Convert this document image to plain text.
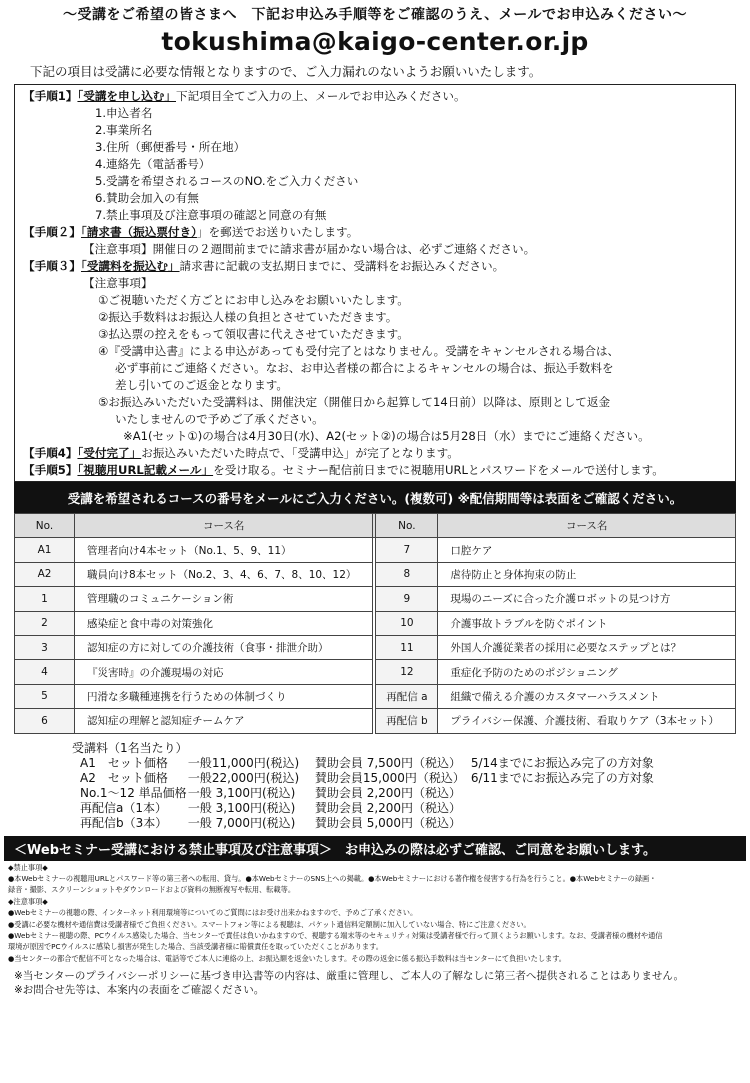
〜受講をご希望の皆さまへ　下記お申込み手順等をご確認のうえ、メールでお申込みください〜
tokushima@kaigo-center.or.jp
下記の項目は受講に必要な情報となりますので、ご入力漏れのないようお願いいたします。
【手順1】「受講を申し込む」下記項目全てご入力の上、メールでお申込みください。
1.申込者名
2.事業所名
3.住所（郵便番号・所在地）
4.連絡先（電話番号）
5.受講を希望されるコースのNO.をご入力ください
6.賛助会加入の有無
7.禁止事項及び注意事項の確認と同意の有無
【手順２】「請求書（振込票付き）」を郵送でお送りいたします。
【注意事項】開催日の２週間前までに請求書が届かない場合は、必ずご連絡ください。
【手順３】「受講料を振込む」請求書に記載の支払期日までに、受講料をお振込みください。
【注意事項】
①ご視聴いただく方ごとにお申し込みをお願いいたします。
②振込手数料はお振込人様の負担とさせていただきます。
③払込票の控えをもって領収書に代えさせていただきます。
④『受講申込書』による申込があっても受付完了とはなりません。受講をキャンセルされる場合は、
必ず事前にご連絡ください。なお、お申込者様の都合によるキャンセルの場合は、振込手数料を
差し引いてのご返金となります。
⑤お振込みいただいた受講料は、開催決定（開催日から起算して14日前）以降は、原則として返金
いたしませんので予めご了承ください。
※A1(セット①)の場合は4月30日(水)、A2(セット②)の場合は5月28日（水）までにご連絡ください。
【手順4】「受付完了」お振込みいただいた時点で、「受講申込」が完了となります。
【手順5】「視聴用URL記載メール」を受け取る。セミナー配信前日までに視聴用URLとパスワードをメールで送付します。
受講を希望されるコースの番号をメールにご入力ください。(複数可) ※配信期間等は表面をご確認ください。
No.	コース名		No.	コース名
A1	管理者向け4本セット（No.1、5、9、11）		7	口腔ケア
A2	職員向け8本セット（No.2、3、4、6、7、8、10、12）		8	虐待防止と身体拘束の防止
1	管理職のコミュニケーション術		9	現場のニーズに合った介護ロボットの見つけ方
2	感染症と食中毒の対策強化		10	介護事故トラブルを防ぐポイント
3	認知症の方に対しての介護技術（食事・排泄介助）		11	外国人介護従業者の採用に必要なステップとは？
4	『災害時』の介護現場の対応		12	重症化予防のためのポジショニング
5	円滑な多職種連携を行うための体制づくり		再配信 a	組織で備える介護のカスタマーハラスメント
6	認知症の理解と認知症チームケア		再配信 b	プライバシー保護、介護技術、看取りケア（3本セット）
受講料（1名当たり）
A1　セット価格	一般11,000円(税込)	賛助会員 7,500円（税込） 5/14までにお振込み完了の方対象
A2　セット価格	一般22,000円(税込)	賛助会員15,000円（税込） 6/11までにお振込み完了の方対象
No.1〜12 単品価格 一般 3,100円(税込)	賛助会員 2,200円（税込）
再配信a（1本）	一般 3,100円(税込)	賛助会員 2,200円（税込）
再配信b（3本）	一般 7,000円(税込)	賛助会員 5,000円（税込）
＜Webセミナー受講における禁止事項及び注意事項＞　お申込みの際は必ずご確認、ご同意をお願いします。
◆禁止事項◆
●本Webセミナーの視聴用URLとパスワード等の第三者への転用、貸与。●本WebセミナーのSNS上への掲載。●本Webセミナーにおける著作権を侵害する行為を行うこと。●本Webセミナーの録画・
録音・撮影、スクリーンショットやダウンロードおよび資料の無断複写や転用、転載等。
◆注意事項◆
●Webセミナーの視聴の際、インターネット利用環境等についてのご質問にはお受け出来かねますので、予めご了承ください。
●受講に必要な機材や通信費は受講者様でご負担ください。スマートフォン等による視聴は、パケット通信料定額制に加入していない場合、特にご注意ください。
●Webセミナー視聴の際、PCウイルス感染した場合、当センターで責任は負いかねますので、視聴する端末等のセキュリティ対策は受講者様で行って頂くようお願いします。なお、受講者様の機材や通信
環境が原因でPCウイルスに感染し損害が発生した場合、当該受講者様に賠償責任を取っていただくことがあります。
●当センターの都合で配信不可となった場合は、電話等でご本人に連絡の上、お振込額を返金いたします。その際の返金に係る振込手数料は当センターにて負担いたします。
※当センターのプライバシーポリシーに基づき申込書等の内容は、厳重に管理し、ご本人の了解なしに第三者へ提供されることはありません。
※お問合せ先等は、本案内の表面をご確認ください。
